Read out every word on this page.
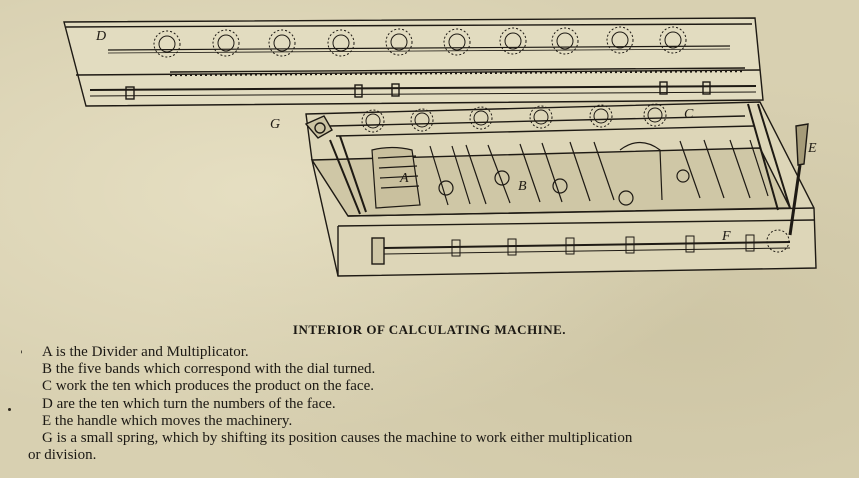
D
A
B
C
E
F
G
INTERIOR OF CALCULATING MACHINE.
'	A is the Divider and Multiplicator.
B the five bands which correspond with the dial turned.
C work the ten which produces the product on the face.
D are the ten which turn the numbers of the face.
E the handle which moves the machinery.
G is a small spring, which by shifting its position causes the machine to work either multiplication
or division.
